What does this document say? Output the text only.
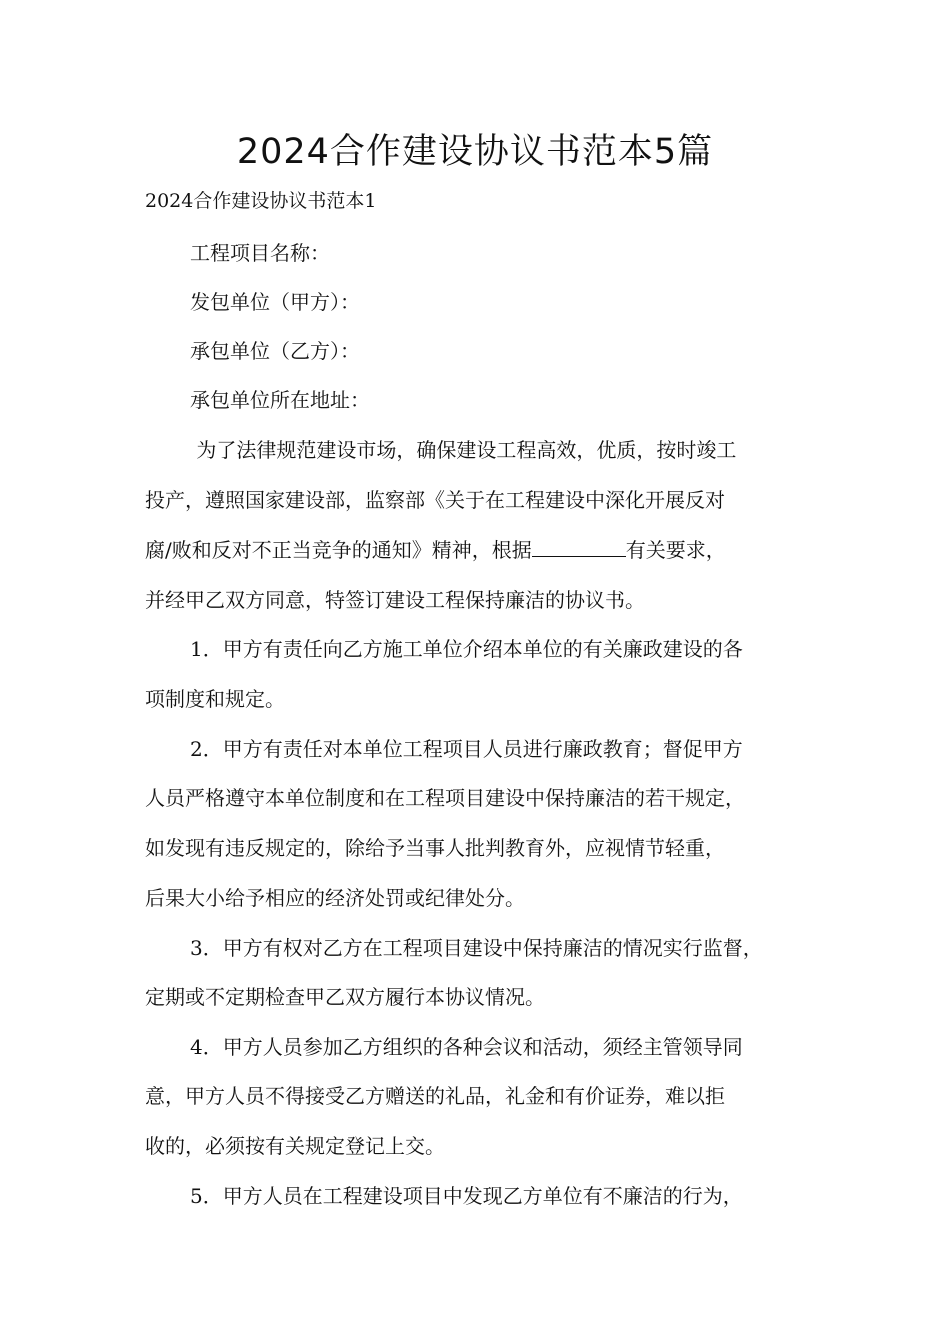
2024合作建设协议书范本5篇
2024合作建设协议书范本1
工程项目名称：
发包单位（甲方）：
承包单位（乙方）：
承包单位所在地址：
为了法律规范建设市场，确保建设工程高效，优质，按时竣工
投产，遵照国家建设部，监察部《关于在工程建设中深化开展反对
腐/败和反对不正当竞争的通知》精神，根据	有关要求，
并经甲乙双方同意，特签订建设工程保持廉洁的协议书。
1．甲方有责任向乙方施工单位介绍本单位的有关廉政建设的各
项制度和规定。
2．甲方有责任对本单位工程项目人员进行廉政教育；督促甲方
人员严格遵守本单位制度和在工程项目建设中保持廉洁的若干规定，
如发现有违反规定的，除给予当事人批判教育外，应视情节轻重，
后果大小给予相应的经济处罚或纪律处分。
3．甲方有权对乙方在工程项目建设中保持廉洁的情况实行监督，
定期或不定期检查甲乙双方履行本协议情况。
4．甲方人员参加乙方组织的各种会议和活动，须经主管领导同
意，甲方人员不得接受乙方赠送的礼品，礼金和有价证券，难以拒
收的，必须按有关规定登记上交。
5．甲方人员在工程建设项目中发现乙方单位有不廉洁的行为，
